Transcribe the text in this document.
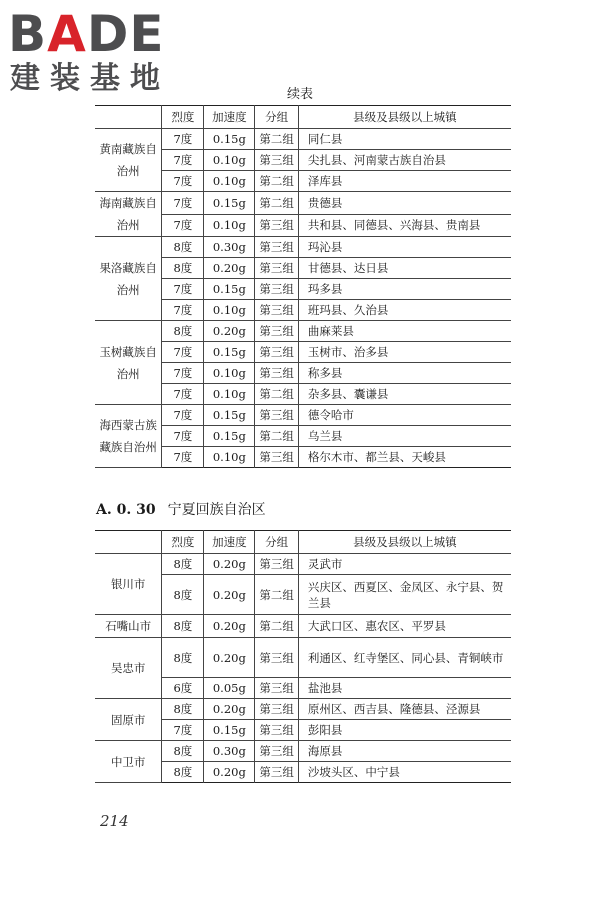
BADE
建装基地	续表
	烈度	加速度	分组	县级及县级以上城镇
黄南藏族自治州	7度	0.15g	第二组	同仁县
	7度	0.10g	第三组	尖扎县、河南蒙古族自治县
	7度	0.10g	第二组	泽库县
海南藏族自治州	7度	0.15g	第二组	贵德县
	7度	0.10g	第三组	共和县、同德县、兴海县、贵南县
果洛藏族自治州	8度	0.30g	第三组	玛沁县
	8度	0.20g	第三组	甘德县、达日县
	7度	0.15g	第三组	玛多县
	7度	0.10g	第三组	班玛县、久治县
玉树藏族自治州	8度	0.20g	第三组	曲麻莱县
	7度	0.15g	第三组	玉树市、治多县
	7度	0.10g	第三组	称多县
	7度	0.10g	第二组	杂多县、囊谦县
海西蒙古族藏族自治州	7度	0.15g	第三组	德令哈市
	7度	0.15g	第二组	乌兰县
	7度	0.10g	第三组	格尔木市、都兰县、天峻县
A. 0. 30 宁夏回族自治区
	烈度	加速度	分组	县级及县级以上城镇
银川市	8度	0.20g	第三组	灵武市
	8度	0.20g	第二组	兴庆区、西夏区、金凤区、永宁县、贺兰县
石嘴山市	8度	0.20g	第二组	大武口区、惠农区、平罗县
吴忠市	8度	0.20g	第三组	利通区、红寺堡区、同心县、青铜峡市
	6度	0.05g	第三组	盐池县
固原市	8度	0.20g	第三组	原州区、西吉县、隆德县、泾源县
	7度	0.15g	第三组	彭阳县
中卫市	8度	0.30g	第三组	海原县
	8度	0.20g	第三组	沙坡头区、中宁县
214
